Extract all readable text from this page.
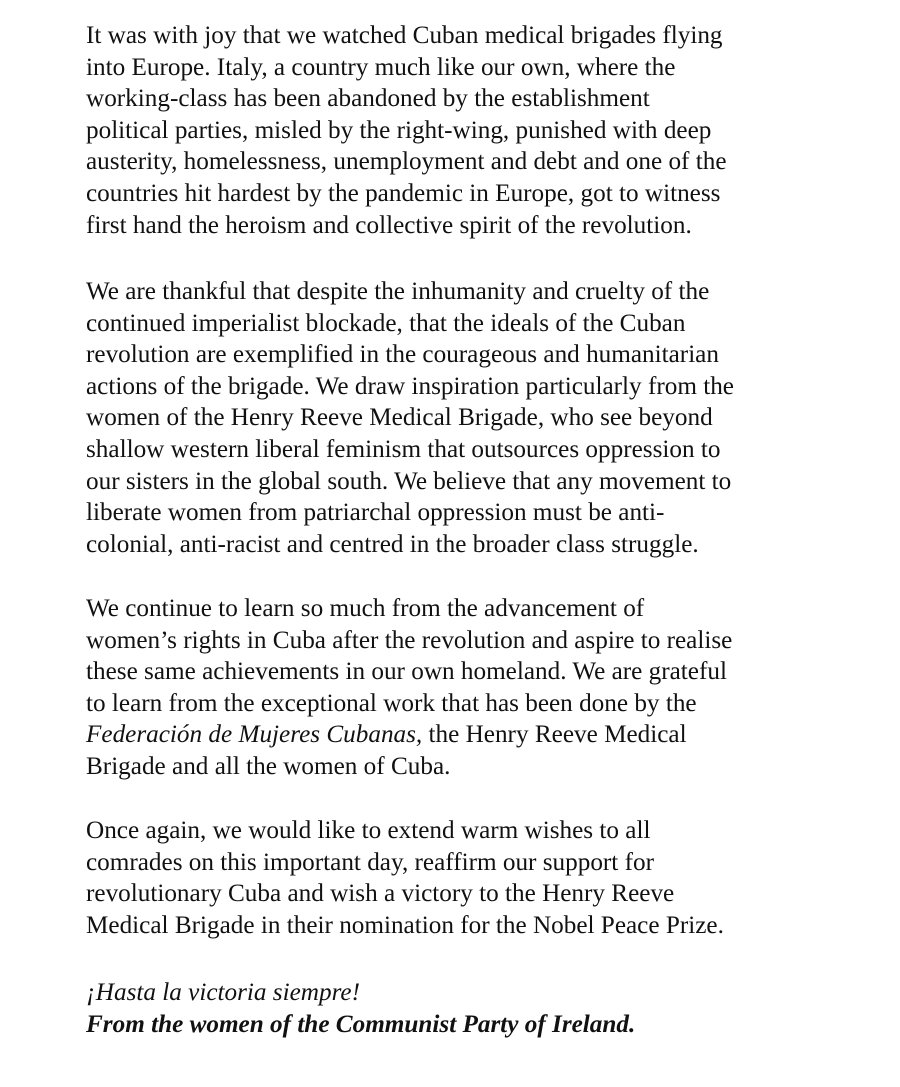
It was with joy that we watched Cuban medical brigades flying
into Europe. Italy, a country much like our own, where the
working-class has been abandoned by the establishment
political parties, misled by the right-wing, punished with deep
austerity, homelessness, unemployment and debt and one of the
countries hit hardest by the pandemic in Europe, got to witness
first hand the heroism and collective spirit of the revolution.

We are thankful that despite the inhumanity and cruelty of the
continued imperialist blockade, that the ideals of the Cuban
revolution are exemplified in the courageous and humanitarian
actions of the brigade. We draw inspiration particularly from the
women of the Henry Reeve Medical Brigade, who see beyond
shallow western liberal feminism that outsources oppression to
our sisters in the global south. We believe that any movement to
liberate women from patriarchal oppression must be anti-
colonial, anti-racist and centred in the broader class struggle.

We continue to learn so much from the advancement of
women’s rights in Cuba after the revolution and aspire to realise
these same achievements in our own homeland. We are grateful
to learn from the exceptional work that has been done by the
Federación de Mujeres Cubanas, the Henry Reeve Medical
Brigade and all the women of Cuba.

Once again, we would like to extend warm wishes to all
comrades on this important day, reaffirm our support for
revolutionary Cuba and wish a victory to the Henry Reeve
Medical Brigade in their nomination for the Nobel Peace Prize.

¡Hasta la victoria siempre!
From the women of the Communist Party of Ireland.
